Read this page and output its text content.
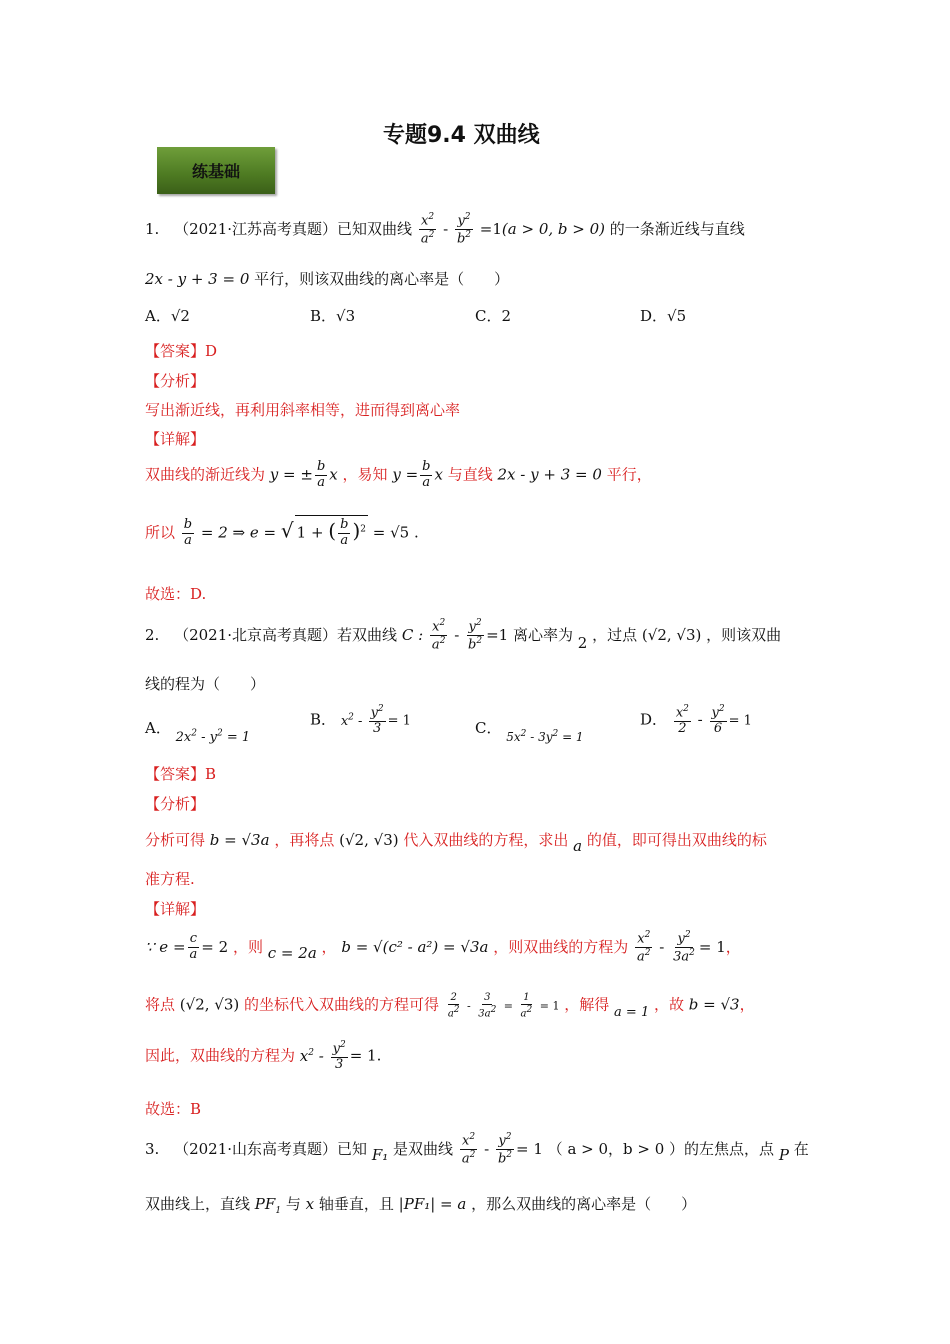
专题9.4 双曲线
练基础
1. （2021·江苏高考真题）已知双曲线 $\frac{x^2}{a^2} - \frac{y^2}{b^2} =1(a > 0$, b > 0) 的一条渐近线与直线
2x - y + 3 = 0 平行，则该双曲线的离心率是（　　）
A．√2	B．√3	C．2	D．√5
【答案】D
【分析】
写出渐近线，再利用斜率相等，进而得到离心率
【详解】
双曲线的渐近线为 y = ± $\frac{b}{a}$ x ，易知 $y = \frac{b}{a}$ x 与直线 2x - y + 3 = 0 平行，
所以 $\frac{b}{a} = 2$ ⇒ e = √ 1 + ( $\frac{b}{a} )^2 = √5$ .
故选：D.
2. （2021·北京高考真题）若双曲线 C : $\frac{x^2}{a^2} - \frac{y^2}{b^2} =1$ 离心率为 2 ，过点 (√2, √3) ，则该双曲
线的程为（　　）
A． $2x^2 - y^2 = 1$
B． $x^2 - \frac{y^2}{3} = 1$	C． $_{5x^2 - 3y^2 = 1}$
D． $\frac{x^2}{2} - \frac{y^2}{6} = 1$
【答案】B
【分析】
分析可得 b = √3a ，再将点 (√2, √3) 代入双曲线的方程，求出 a 的值，即可得出双曲线的标
准方程.
【详解】
∵ $e = \frac{c}{a} = 2$ ，则 c = 2a ， b = √(c² - a²) = √3a ，则双曲线的方程为 $\frac{x^2}{a^2} - \frac{y^2}{3a^2} = 1$，
将点 (√2, √3) 的坐标代入双曲线的方程可得 $\frac{2}{a^2} - \frac{3}{3a^2} = \frac{1}{a^2} = 1$ ，解得 a = 1 ，故 b = √3，
因此，双曲线的方程为 $x^2 - \frac{y^2}{3} = 1$.
故选：B
3. （2021·山东高考真题）已知 F₁ 是双曲线 $\frac{x^2}{a^2} - \frac{y^2}{b^2} = 1$ （ a > 0，b > 0 ）的左焦点，点 P 在
双曲线上，直线 $PF_1$ 与 x 轴垂直，且 |PF₁| = a ，那么双曲线的离心率是（　　）
